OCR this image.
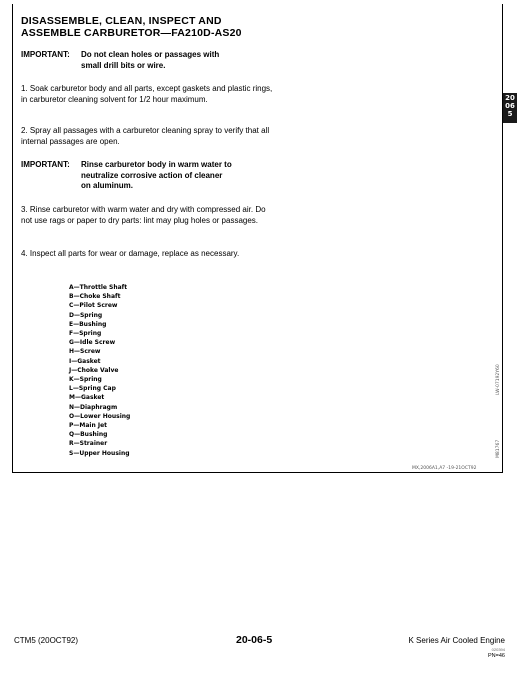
DISASSEMBLE, CLEAN, INSPECT AND
ASSEMBLE CARBURETOR—FA210D-AS20
IMPORTANT: Do not clean holes or passages with
small drill bits or wire.
1. Soak carburetor body and all parts, except gaskets and plastic rings, in carburetor cleaning solvent for 1/2 hour maximum.
2. Spray all passages with a carburetor cleaning spray to verify that all internal passages are open.
IMPORTANT: Rinse carburetor body in warm water to
neutralize corrosive action of cleaner
on aluminum.
3. Rinse carburetor with warm water and dry with compressed air. Do not use rags or paper to dry parts: lint may plug holes or passages.
4. Inspect all parts for wear or damage, replace as necessary.
A—Throttle Shaft
B—Choke Shaft
C—Pilot Screw
D—Spring
E—Bushing
F—Spring
G—Idle Screw
H—Screw
I—Gasket
J—Choke Valve
K—Spring
L—Spring Cap
M—Gasket
N—Diaphragm
O—Lower Housing
P—Main Jet
Q—Bushing
R—Strainer
S—Upper Housing
20
06
5
LW-07192Y60
M81767
MX,2006A1,A7 -19-21OCT92
CTM5 (20OCT92)	20-06-5	K Series Air Cooled Engine
020394
PN=46
